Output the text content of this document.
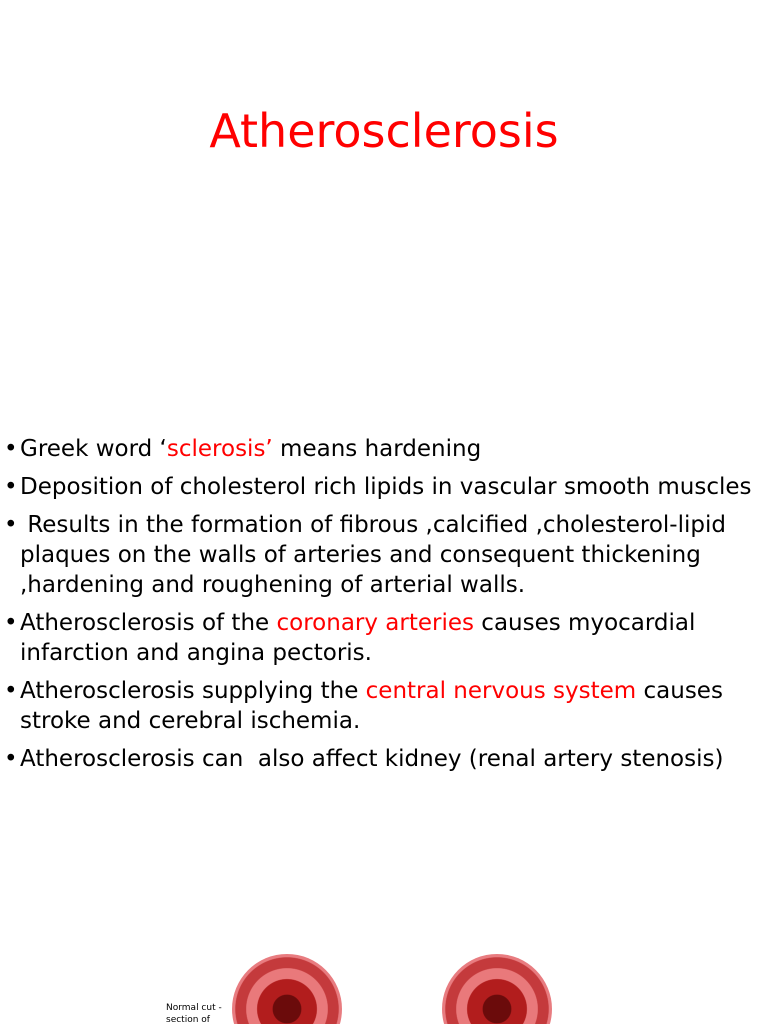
Atherosclerosis
• Greek word ‘sclerosis’ means hardening
• Deposition of cholesterol rich lipids in vascular smooth muscles
• Results in the formation of fibrous ,calcified ,cholesterol-lipid plaques on the walls of arteries and consequent thickening ,hardening and roughening of arterial walls.
• Atherosclerosis of the coronary arteries causes myocardial infarction and angina pectoris.
• Atherosclerosis supplying the central nervous system causes stroke and cerebral ischemia.
• Atherosclerosis can  also affect kidney (renal artery stenosis)
Normal cut - section of
